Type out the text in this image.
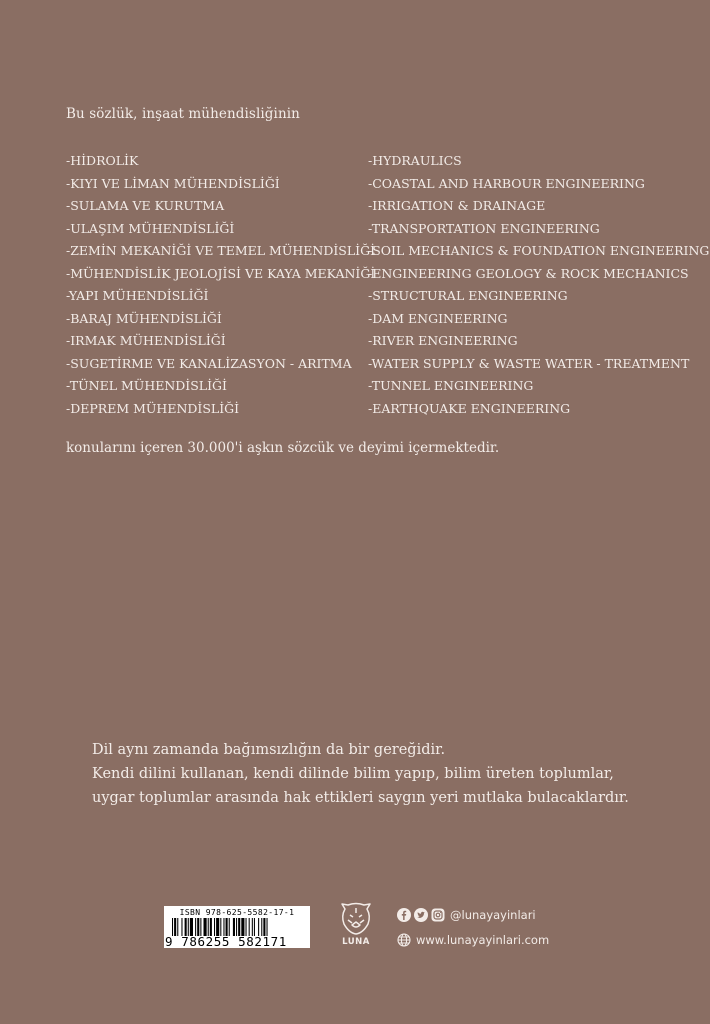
Bu sözlük, inşaat mühendisliğinin
-HİDROLİK
-KIYI VE LİMAN MÜHENDİSLİĞİ
-SULAMA VE KURUTMA
-ULAŞIM MÜHENDİSLİĞİ
-ZEMİN MEKANİĞİ VE TEMEL MÜHENDİSLİĞİ
-MÜHENDİSLİK JEOLOJİSİ VE KAYA MEKANİĞİ
-YAPI MÜHENDİSLİĞİ
-BARAJ MÜHENDİSLİĞİ
-IRMAK MÜHENDİSLİĞİ
-SUGETİRME VE KANALİZASYON - ARITMA
-TÜNEL MÜHENDİSLİĞİ
-DEPREM MÜHENDİSLİĞİ
-HYDRAULICS
-COASTAL AND HARBOUR ENGINEERING
-IRRIGATION & DRAINAGE
-TRANSPORTATION ENGINEERING
-SOIL MECHANICS & FOUNDATION ENGINEERING
-ENGINEERING GEOLOGY & ROCK MECHANICS
-STRUCTURAL ENGINEERING
-DAM ENGINEERING
-RIVER ENGINEERING
-WATER SUPPLY & WASTE WATER - TREATMENT
-TUNNEL ENGINEERING
-EARTHQUAKE ENGINEERING
konularını içeren 30.000'i aşkın sözcük ve deyimi içermektedir.
Dil aynı zamanda bağımsızlığın da bir gereğidir.
Kendi dilini kullanan, kendi dilinde bilim yapıp, bilim üreten toplumlar,
uygar toplumlar arasında hak ettikleri saygın yeri mutlaka bulacaklardır.
ISBN 978-625-5582-17-1
9 786255 582171	LUNA
@lunayayinlari
www.lunayayinlari.com
